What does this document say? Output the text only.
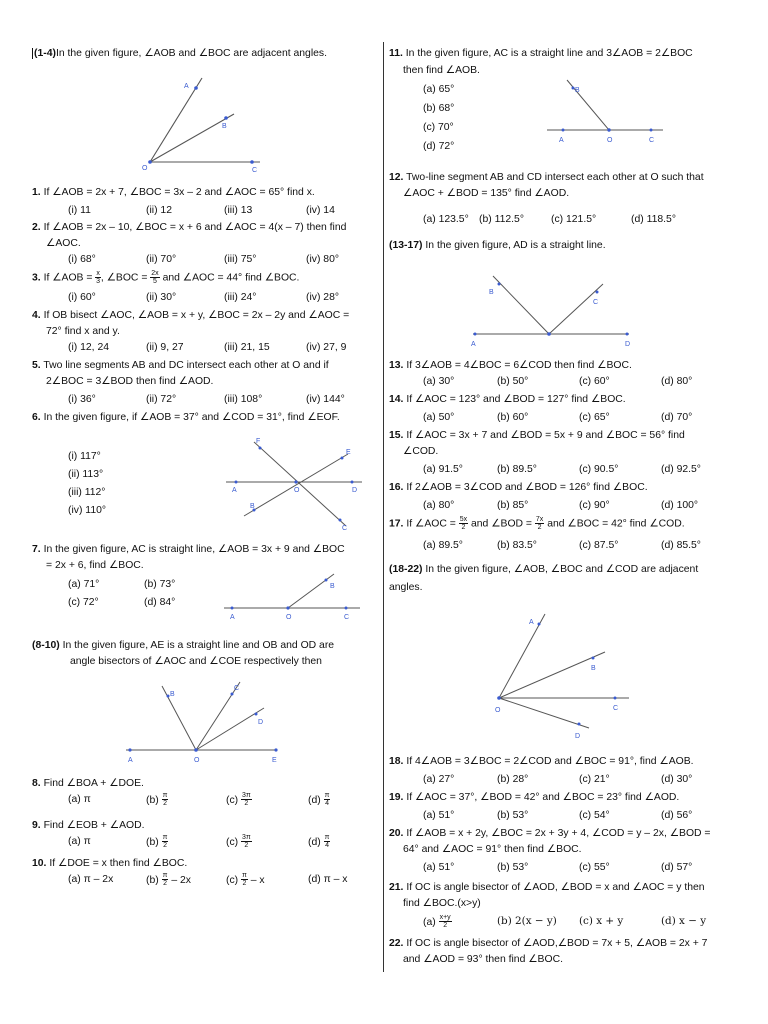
(1-4)In the given figure, ∠AOB and ∠BOC are adjacent angles.
A
B
O	C
1. If ∠AOB = 2x + 7, ∠BOC = 3x – 2 and ∠AOC = 65° find x.
(i) 11	(ii) 12	(iii) 13	(iv) 14
2. If ∠AOB = 2x – 10, ∠BOC = x + 6 and ∠AOC = 4(x – 7) then find
∠AOC.
(i) 68°	(ii) 70°	(iii) 75°	(iv) 80°
3. If ∠AOB = $\frac{x}{3}$ , ∠BOC = $\frac{2x}{5}$ and ∠AOC = 44° find ∠BOC.
(i) 60°	(ii) 30°	(iii) 24°	(iv) 28°
4. If OB bisect ∠AOC, ∠AOB = x + y, ∠BOC = 2x – 2y and ∠AOC =
72° find x and y.
(i) 12, 24	(ii) 9, 27	(iii) 21, 15	(iv) 27, 9
5. Two line segments AB and DC intersect each other at O and if
2∠BOC = 3∠BOD then find ∠AOD.
(i) 36°	(ii) 72°	(iii) 108°	(iv) 144°
6. In the given figure, if ∠AOB = 37° and ∠COD = 31°, find ∠EOF.
(i) 117°
(ii) 113°
(iii) 112°
(iv) 110°
F
E
A	O	D
B
C
7. In the given figure, AC is straight line, ∠AOB = 3x + 9 and ∠BOC
= 2x + 6, find ∠BOC.
(a) 71°
(c) 72°
(b) 73°
(d) 84°
B
A	O	C
(8-10) In the given figure, AE is a straight line and OB and OD are
angle bisectors of ∠AOC and ∠COE respectively then
B
C
D
A	O	E
8. Find ∠BOA + ∠DOE.
(a) π	$(b) \frac{\pi}{2}$	$(c) \frac{3\pi}{2}$	$(d) \frac{\pi}{4}$
9. Find ∠EOB + ∠AOD.
(a) π	$(b) \frac{\pi}{2}$	$(c) \frac{3\pi}{2}$	$(d) \frac{\pi}{4}$
10. If ∠DOE = x then find ∠BOC.
(a) π – 2x	$(b) \frac{\pi}{2} - 2x$	$(c) \frac{\pi}{2}$ – x	(d) π – x
11. In the given figure, AC is a straight line and 3∠AOB = 2∠BOC
then find ∠AOB.
(a) 65°
(b) 68°
(c) 70°
(d) 72°
B
A	O	C
12. Two-line segment AB and CD intersect each other at O such that
∠AOC + ∠BOD = 135° find ∠AOD.
(a) 123.5° (b) 112.5°	(c) 121.5°	(d) 118.5°
(13-17) In the given figure, AD is a straight line.
B
C
A	D
13. If 3∠AOB = 4∠BOC = 6∠COD then find ∠BOC.
(a) 30°	(b) 50°	(c) 60°	(d) 80°
14. If ∠AOC = 123° and ∠BOD = 127° find ∠BOC.
(a) 50°	(b) 60°	(c) 65°	(d) 70°
15. If ∠AOC = 3x + 7 and ∠BOD = 5x + 9 and ∠BOC = 56° find
∠COD.
(a) 91.5°	(b) 89.5°	(c) 90.5°	(d) 92.5°
16. If 2∠AOB = 3∠COD and ∠BOD = 126° find ∠BOC.
(a) 80°	(b) 85°	(c) 90°	(d) 100°
17. If ∠AOC = $\frac{5x}{2}$ and ∠BOD = $\frac{7x}{2}$ and ∠BOC = 42° find ∠COD.
(a) 89.5°	(b) 83.5°	(c) 87.5°	(d) 85.5°
(18-22) In the given figure, ∠AOB, ∠BOC and ∠COD are adjacent
angles.
A
B
O	C
D
18. If 4∠AOB = 3∠BOC = 2∠COD and ∠BOC = 91°, find ∠AOB.
(a) 27°	(b) 28°	(c) 21°	(d) 30°
19. If ∠AOC = 37°, ∠BOD = 42° and ∠BOC = 23° find ∠AOD.
(a) 51°	(b) 53°	(c) 54°	(d) 56°
20. If ∠AOB = x + 2y, ∠BOC = 2x + 3y + 4, ∠COD = y – 2x, ∠BOD =
64° and ∠AOC = 91° then find ∠BOC.
(a) 51°	(b) 53°	(c) 55°	(d) 57°
21. If OC is angle bisector of ∠AOD, ∠BOD = x and ∠AOC = y then
find ∠BOC.(x>y)
$(a) \frac{x+y}{2}$	(b) 2(x − y)	(c) x + y	(d) x − y
22. If OC is angle bisector of ∠AOD,∠BOD = 7x + 5, ∠AOB = 2x + 7
and ∠AOD = 93° then find ∠BOC.
